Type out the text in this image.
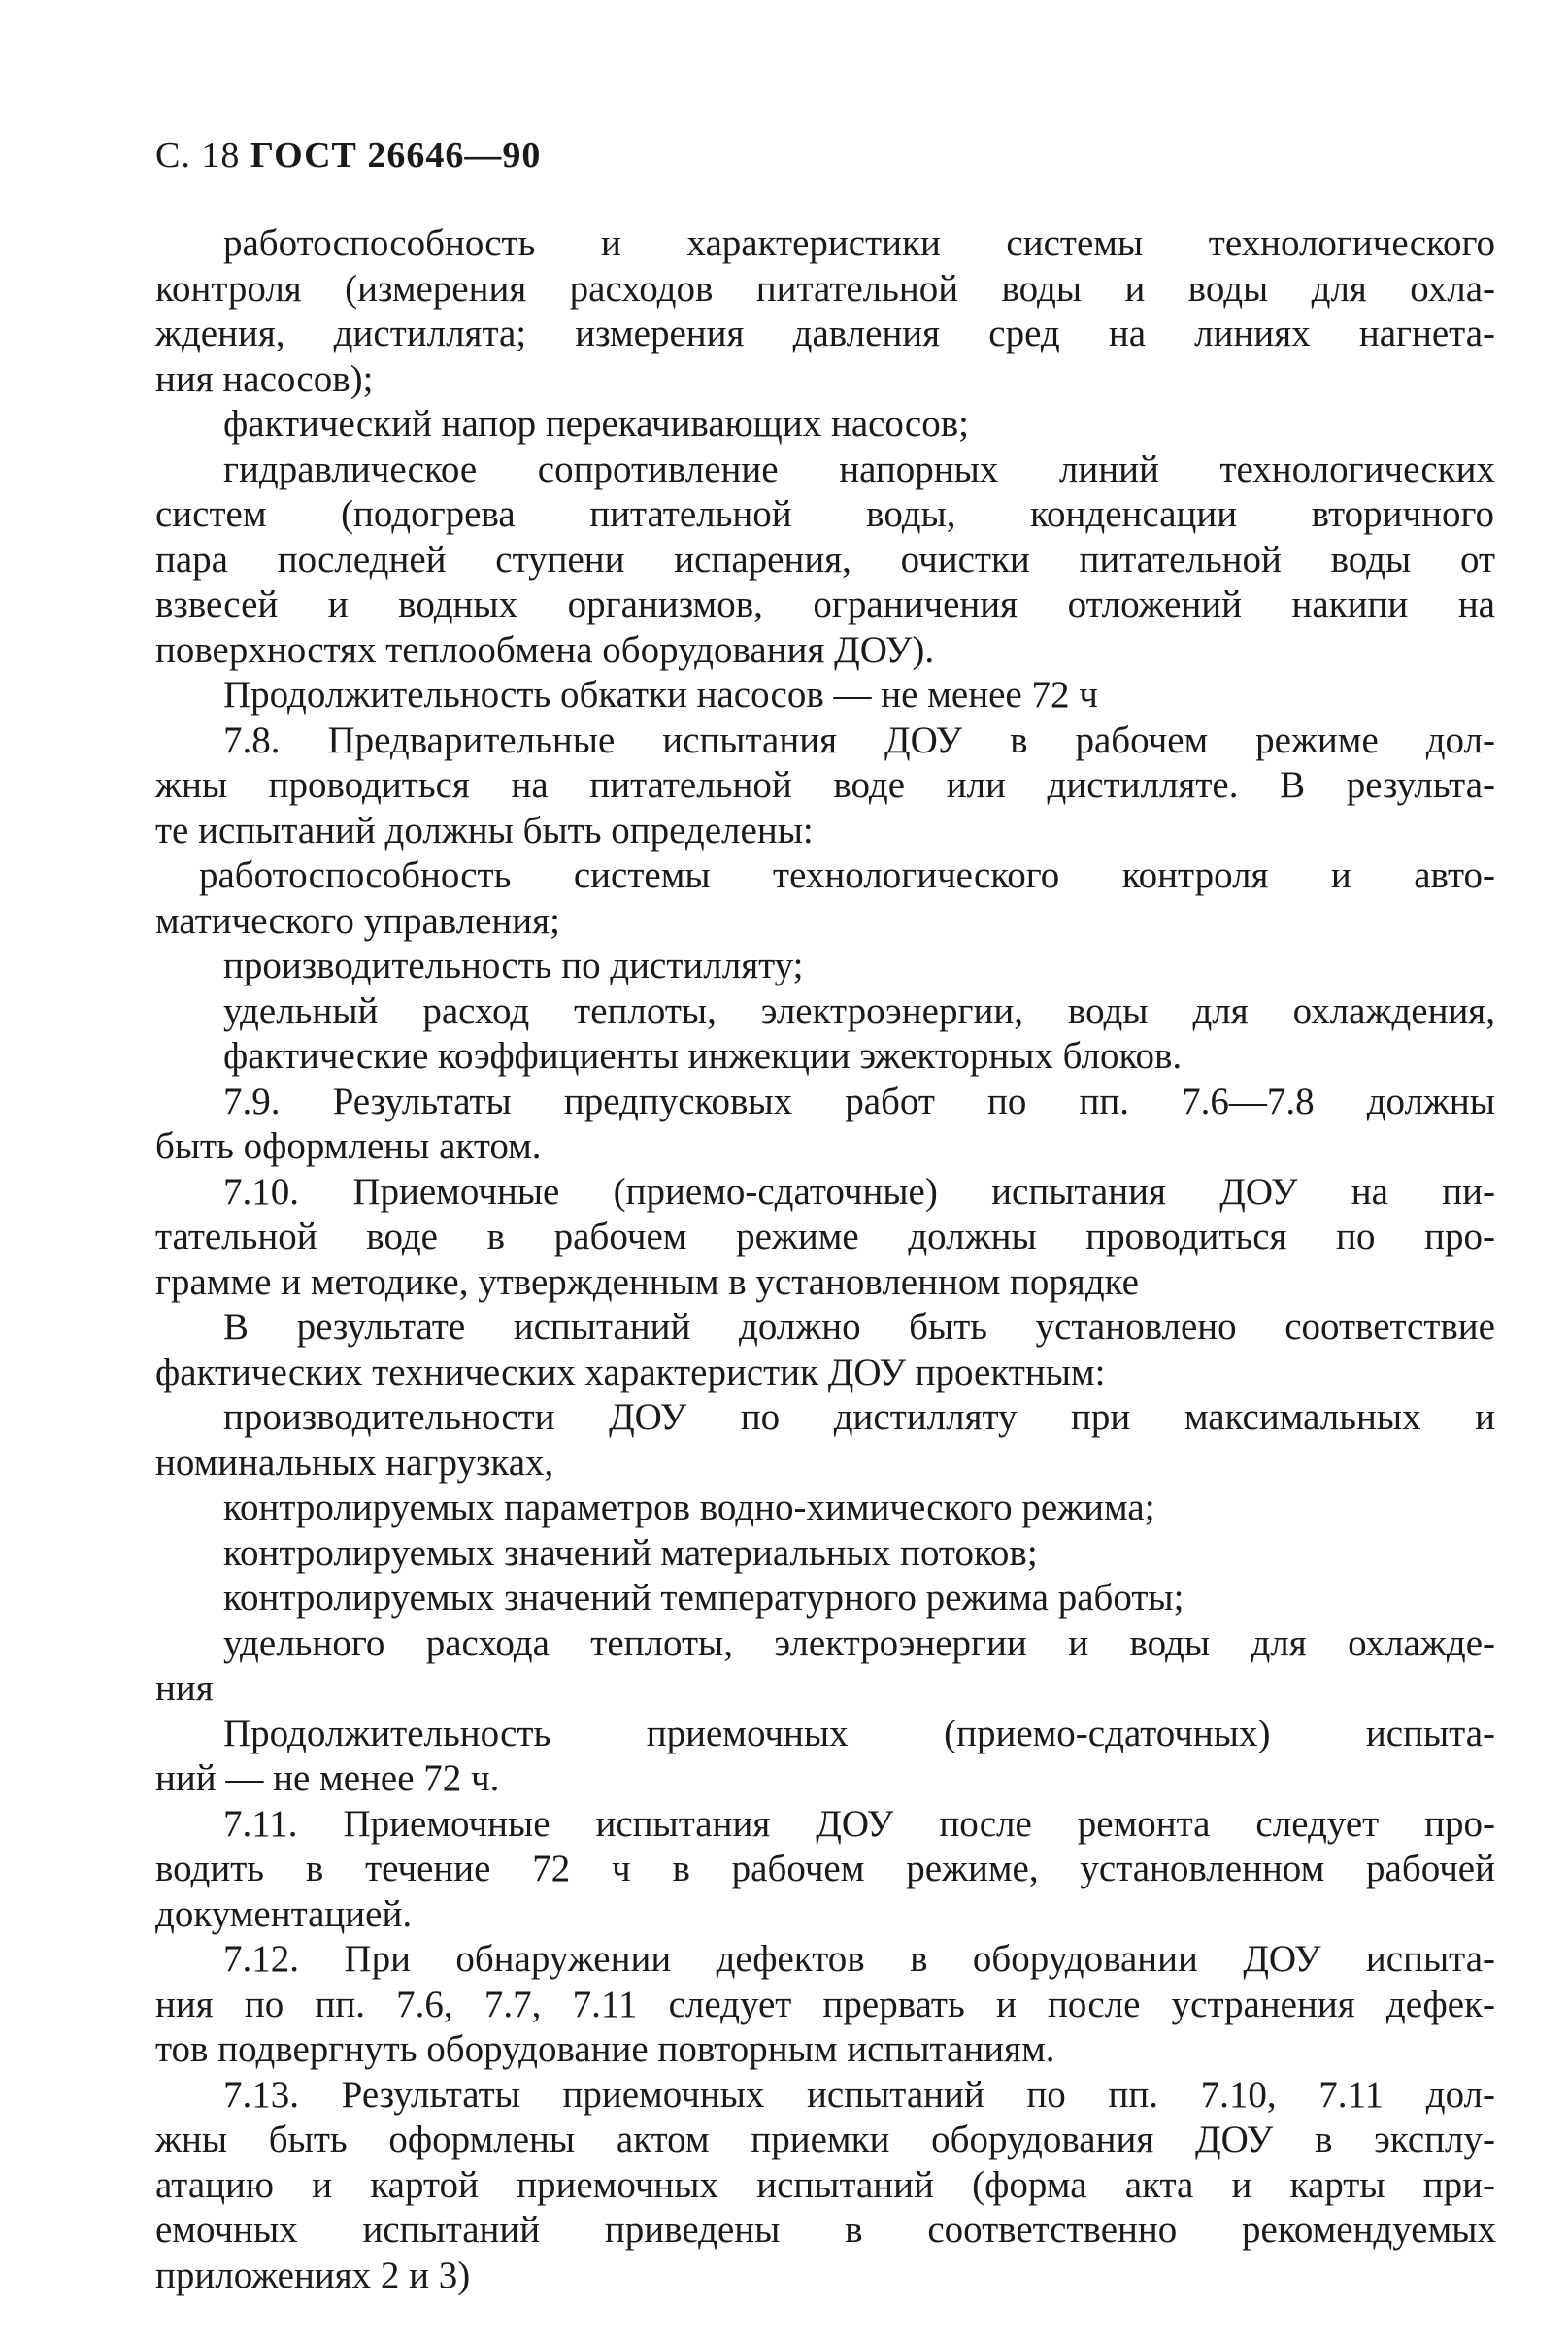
С. 18 ГОСТ 26646—90
работоспособность и характеристики системы технологического
контроля (измерения расходов питательной воды и воды для охла-
ждения, дистиллята; измерения давления сред на линиях нагнета-
ния насосов);
фактический напор перекачивающих насосов;
гидравлическое сопротивление напорных линий технологических
систем (подогрева питательной воды, конденсации вторичного
пара последней ступени испарения, очистки питательной воды от
взвесей и водных организмов, ограничения отложений накипи на
поверхностях теплообмена оборудования ДОУ).
Продолжительность обкатки насосов — не менее 72 ч
7.8. Предварительные испытания ДОУ в рабочем режиме дол-
жны проводиться на питательной воде или дистилляте. В результа-
те испытаний должны быть определены:
работоспособность системы технологического контроля и авто-
матического управления;
производительность по дистилляту;
удельный расход теплоты, электроэнергии, воды для охлаждения,
фактические коэффициенты инжекции эжекторных блоков.
7.9. Результаты предпусковых работ по пп. 7.6—7.8 должны
быть оформлены актом.
7.10. Приемочные (приемо-сдаточные) испытания ДОУ на пи-
тательной воде в рабочем режиме должны проводиться по про-
грамме и методике, утвержденным в установленном порядке
В результате испытаний должно быть установлено соответствие
фактических технических характеристик ДОУ проектным:
производительности ДОУ по дистилляту при максимальных и
номинальных нагрузках,
контролируемых параметров водно-химического режима;
контролируемых значений материальных потоков;
контролируемых значений температурного режима работы;
удельного расхода теплоты, электроэнергии и воды для охлажде-
ния
Продолжительность приемочных (приемо-сдаточных) испыта-
ний — не менее 72 ч.
7.11. Приемочные испытания ДОУ после ремонта следует про-
водить в течение 72 ч в рабочем режиме, установленном рабочей
документацией.
7.12. При обнаружении дефектов в оборудовании ДОУ испыта-
ния по пп. 7.6, 7.7, 7.11 следует прервать и после устранения дефек-
тов подвергнуть оборудование повторным испытаниям.
7.13. Результаты приемочных испытаний по пп. 7.10, 7.11 дол-
жны быть оформлены актом приемки оборудования ДОУ в эксплу-
атацию и картой приемочных испытаний (форма акта и карты при-
емочных испытаний приведены в соответственно рекомендуемых
приложениях 2 и 3)
